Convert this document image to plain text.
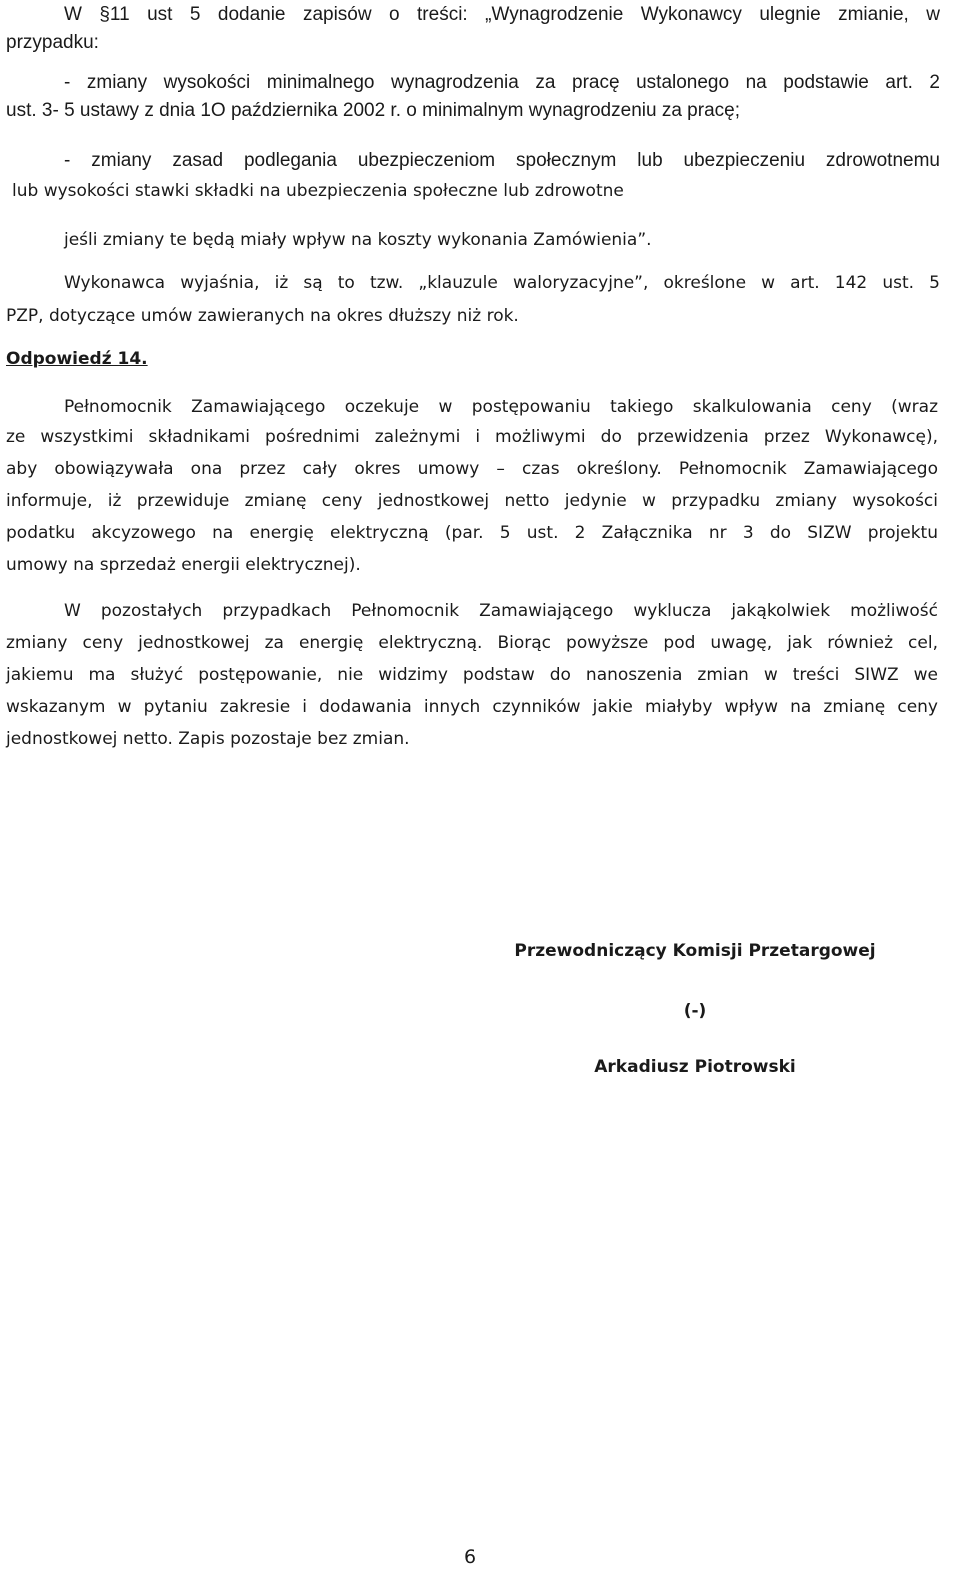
W §11 ust 5 dodanie zapisów o treści: „Wynagrodzenie Wykonawcy ulegnie zmianie, w
przypadku:
- zmiany wysokości minimalnego wynagrodzenia za pracę ustalonego na podstawie art. 2
ust. 3- 5 ustawy z dnia 1O października 2002 r. o minimalnym wynagrodzeniu za pracę;
- zmiany zasad podlegania ubezpieczeniom społecznym lub ubezpieczeniu zdrowotnemu
lub wysokości stawki składki na ubezpieczenia społeczne lub zdrowotne
jeśli zmiany te będą miały wpływ na koszty wykonania Zamówienia”.
Wykonawca wyjaśnia, iż są to tzw. „klauzule waloryzacyjne”, określone w art. 142 ust. 5
PZP, dotyczące umów zawieranych na okres dłuższy niż rok.
Odpowiedź 14.
Pełnomocnik Zamawiającego oczekuje w postępowaniu takiego skalkulowania ceny (wraz
ze wszystkimi składnikami pośrednimi zależnymi i możliwymi do przewidzenia przez Wykonawcę),
aby obowiązywała ona przez cały okres umowy – czas określony. Pełnomocnik Zamawiającego
informuje, iż przewiduje zmianę ceny jednostkowej netto jedynie w przypadku zmiany wysokości
podatku akcyzowego na energię elektryczną (par. 5 ust. 2 Załącznika nr 3 do SIZW projektu
umowy na sprzedaż energii elektrycznej).
W pozostałych przypadkach Pełnomocnik Zamawiającego wyklucza jakąkolwiek możliwość
zmiany ceny jednostkowej za energię elektryczną. Biorąc powyższe pod uwagę, jak również cel,
jakiemu ma służyć postępowanie, nie widzimy podstaw do nanoszenia zmian w treści SIWZ we
wskazanym w pytaniu zakresie i dodawania innych czynników jakie miałyby wpływ na zmianę ceny
jednostkowej netto. Zapis pozostaje bez zmian.
Przewodniczący Komisji Przetargowej
(-)
Arkadiusz Piotrowski
6
